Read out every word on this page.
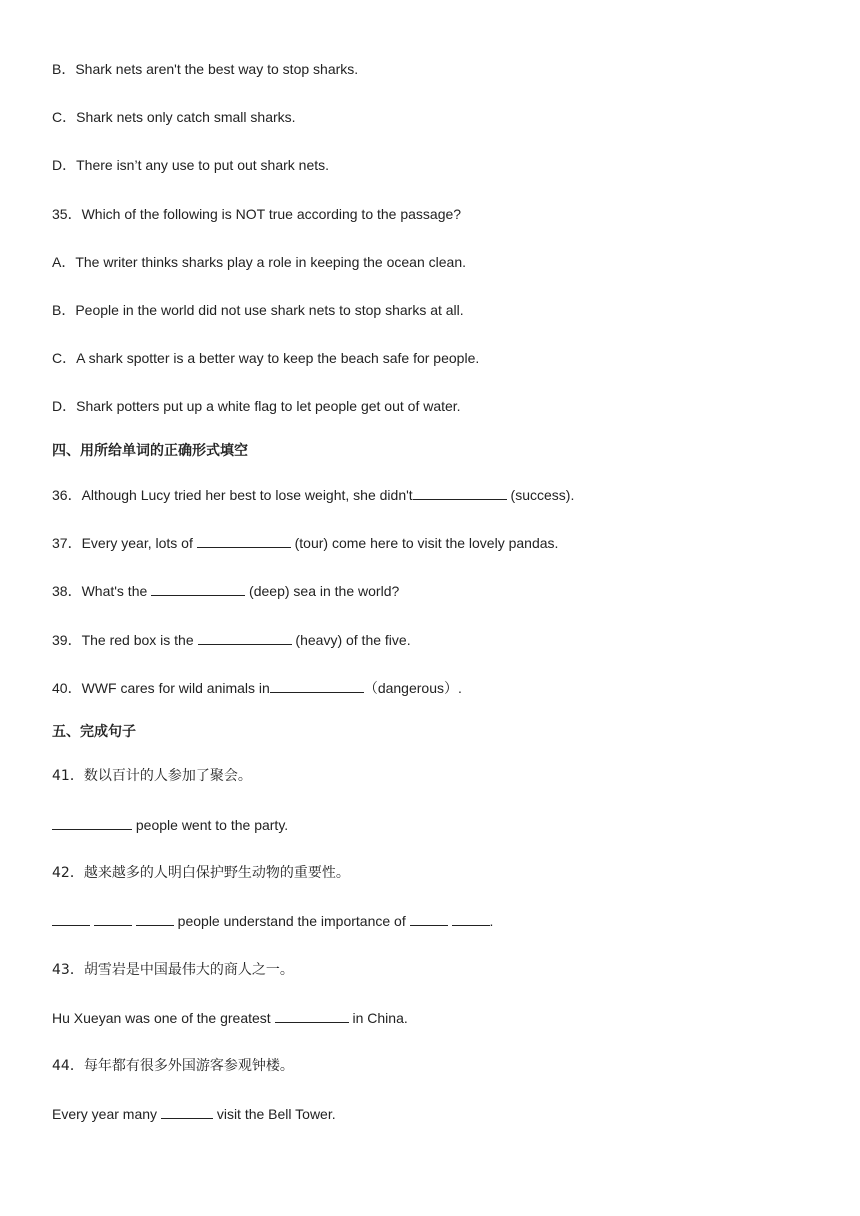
B．Shark nets aren't the best way to stop sharks.
C．Shark nets only catch small sharks.
D．There isn’t any use to put out shark nets.
35．Which of the following is NOT true according to the passage?
A．The writer thinks sharks play a role in keeping the ocean clean.
B．People in the world did not use shark nets to stop sharks at all.
C．A shark spotter is a better way to keep the beach safe for people.
D．Shark potters put up a white flag to let people get out of water.
四、用所给单词的正确形式填空
36．Although Lucy tried her best to lose weight, she didn't	(success).
37．Every year, lots of	(tour) come here to visit the lovely pandas.
38．What's the	(deep) sea in the world?
39．The red box is the	(heavy) of the five.
40．WWF cares for wild animals in	（dangerous）.
五、完成句子
41．数以百计的人参加了聚会。
people went to the party.
42．越来越多的人明白保护野生动物的重要性。
people understand the importance of	.
43．胡雪岩是中国最伟大的商人之一。
Hu Xueyan was one of the greatest	in China.
44．每年都有很多外国游客参观钟楼。
Every year many	visit the Bell Tower.
